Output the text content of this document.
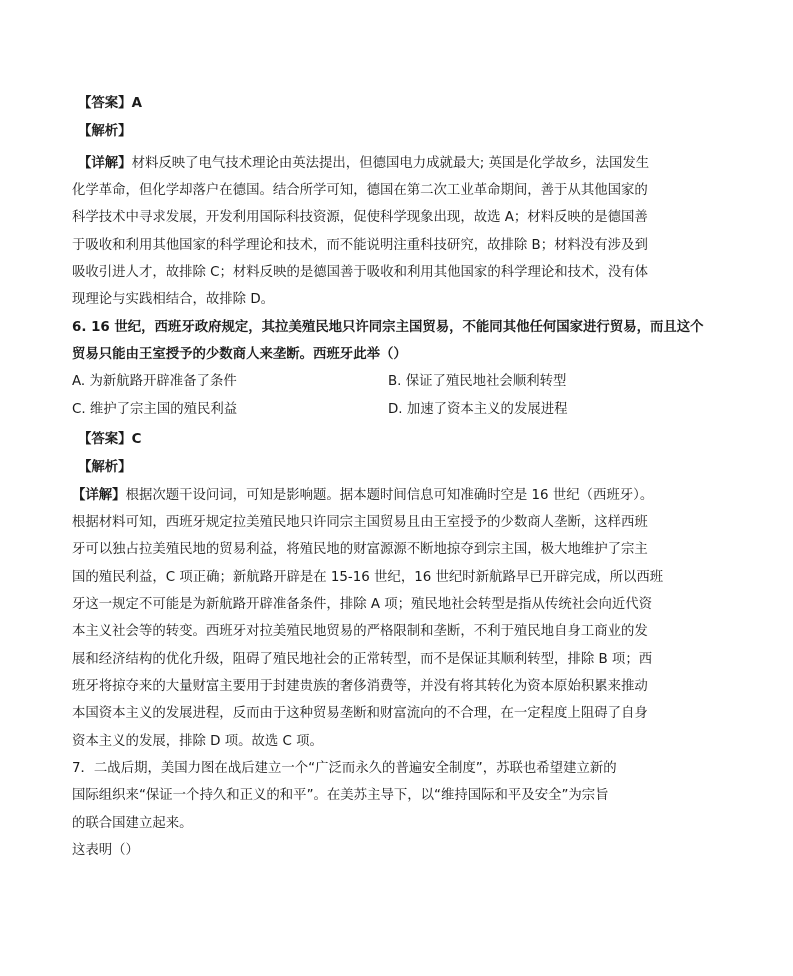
【答案】A
【解析】
【详解】材料反映了电气技术理论由英法提出，但德国电力成就最大; 英国是化学故乡，法国发生
化学革命，但化学却落户在德国。结合所学可知，德国在第二次工业革命期间，善于从其他国家的
科学技术中寻求发展，开发利用国际科技资源，促使科学现象出现，故选 A；材料反映的是德国善
于吸收和利用其他国家的科学理论和技术，而不能说明注重科技研究，故排除 B；材料没有涉及到
吸收引进人才，故排除 C；材料反映的是德国善于吸收和利用其他国家的科学理论和技术，没有体
现理论与实践相结合，故排除 D。
6. 16 世纪，西班牙政府规定，其拉美殖民地只许同宗主国贸易，不能同其他任何国家进行贸易，而且这个
贸易只能由王室授予的少数商人来垄断。西班牙此举（）
A. 为新航路开辟准备了条件	B. 保证了殖民地社会顺利转型
C. 维护了宗主国的殖民利益	D. 加速了资本主义的发展进程
【答案】C
【解析】
【详解】根据次题干设问词，可知是影响题。据本题时间信息可知准确时空是 16 世纪（西班牙）。
根据材料可知，西班牙规定拉美殖民地只许同宗主国贸易且由王室授予的少数商人垄断，这样西班
牙可以独占拉美殖民地的贸易利益，将殖民地的财富源源不断地掠夺到宗主国，极大地维护了宗主
国的殖民利益，C 项正确；新航路开辟是在 15-16 世纪，16 世纪时新航路早已开辟完成，所以西班
牙这一规定不可能是为新航路开辟准备条件，排除 A 项；殖民地社会转型是指从传统社会向近代资
本主义社会等的转变。西班牙对拉美殖民地贸易的严格限制和垄断，不利于殖民地自身工商业的发
展和经济结构的优化升级，阻碍了殖民地社会的正常转型，而不是保证其顺利转型，排除 B 项；西
班牙将掠夺来的大量财富主要用于封建贵族的奢侈消费等，并没有将其转化为资本原始积累来推动
本国资本主义的发展进程，反而由于这种贸易垄断和财富流向的不合理，在一定程度上阻碍了自身
资本主义的发展，排除 D 项。故选 C 项。
7．二战后期，美国力图在战后建立一个“广泛而永久的普遍安全制度”，苏联也希望建立新的
国际组织来“保证一个持久和正义的和平”。在美苏主导下，以“维持国际和平及安全”为宗旨
的联合国建立起来。
这表明（）
